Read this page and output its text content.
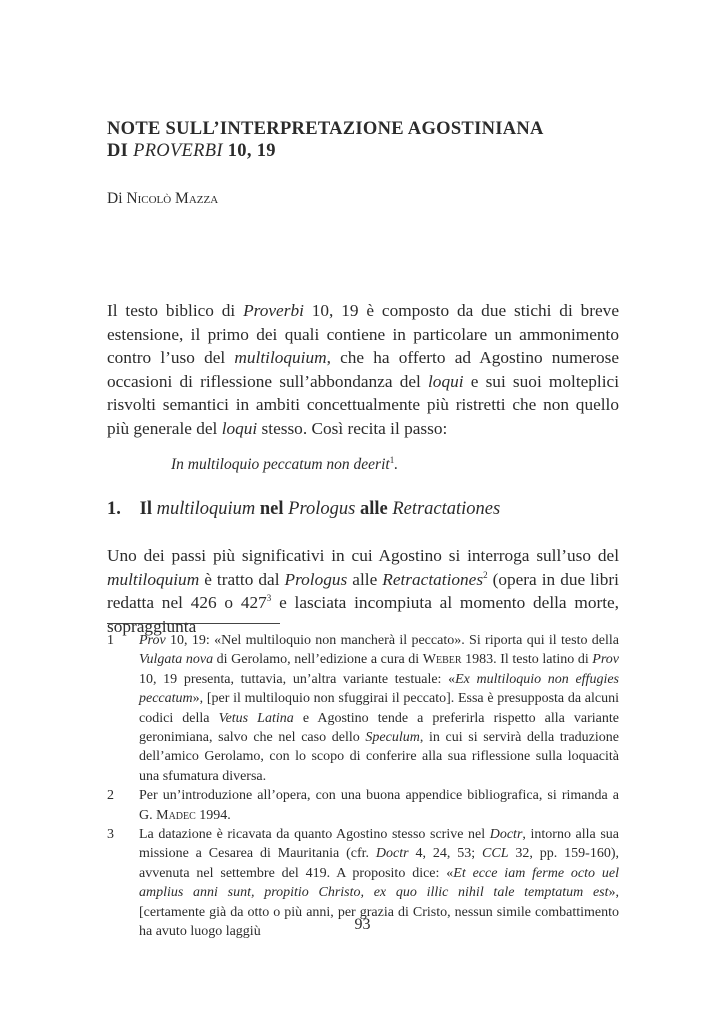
NOTE SULL’INTERPRETAZIONE AGOSTINIANA
DI PROVERBI 10, 19

Di Nicolò Mazza

Il testo biblico di Proverbi 10, 19 è composto da due stichi di breve estensione, il primo dei quali contiene in particolare un ammonimento contro l’uso del multiloquium, che ha offerto ad Agostino numerose occasioni di riflessione sull’abbondanza del loqui e sui suoi molteplici risvolti semantici in ambiti concettualmente più ristretti che non quello più generale del loqui stesso. Così recita il passo:

In multiloquio peccatum non deerit$^1$.

1. Il multiloquium nel Prologus alle Retractationes

Uno dei passi più significativi in cui Agostino si interroga sull’uso del multiloquium è tratto dal Prologus alle Retractationes$^2$ (opera in due libri redatta nel 426 o $427^3$ e lasciata incompiuta al momento della morte, sopraggiunta

1	Prov 10, 19: «Nel multiloquio non mancherà il peccato». Si riporta qui il testo della Vulgata nova di Gerolamo, nell’edizione a cura di Weber 1983. Il testo latino di Prov 10, 19 presenta, tuttavia, un’altra variante testuale: «Ex multiloquio non effugies peccatum», [per il multiloquio non sfuggirai il peccato]. Essa è presupposta da alcuni codici della Vetus Latina e Agostino tende a preferirla rispetto alla variante geronimiana, salvo che nel caso dello Speculum, in cui si servirà della traduzione dell’amico Gerolamo, con lo scopo di conferire alla sua riflessione sulla loquacità una sfumatura diversa.
2	Per un’introduzione all’opera, con una buona appendice bibliografica, si rimanda a G. Madec 1994.
3	La datazione è ricavata da quanto Agostino stesso scrive nel Doctr, intorno alla sua missione a Cesarea di Mauritania (cfr. Doctr 4, 24, 53; CCL 32, pp. 159-160), avvenuta nel settembre del 419. A proposito dice: «Et ecce iam ferme octo uel amplius anni sunt, propitio Christo, ex quo illic nihil tale temptatum est», [certamente già da otto o più anni, per grazia di Cristo, nessun simile combattimento ha avuto luogo laggiù	93
